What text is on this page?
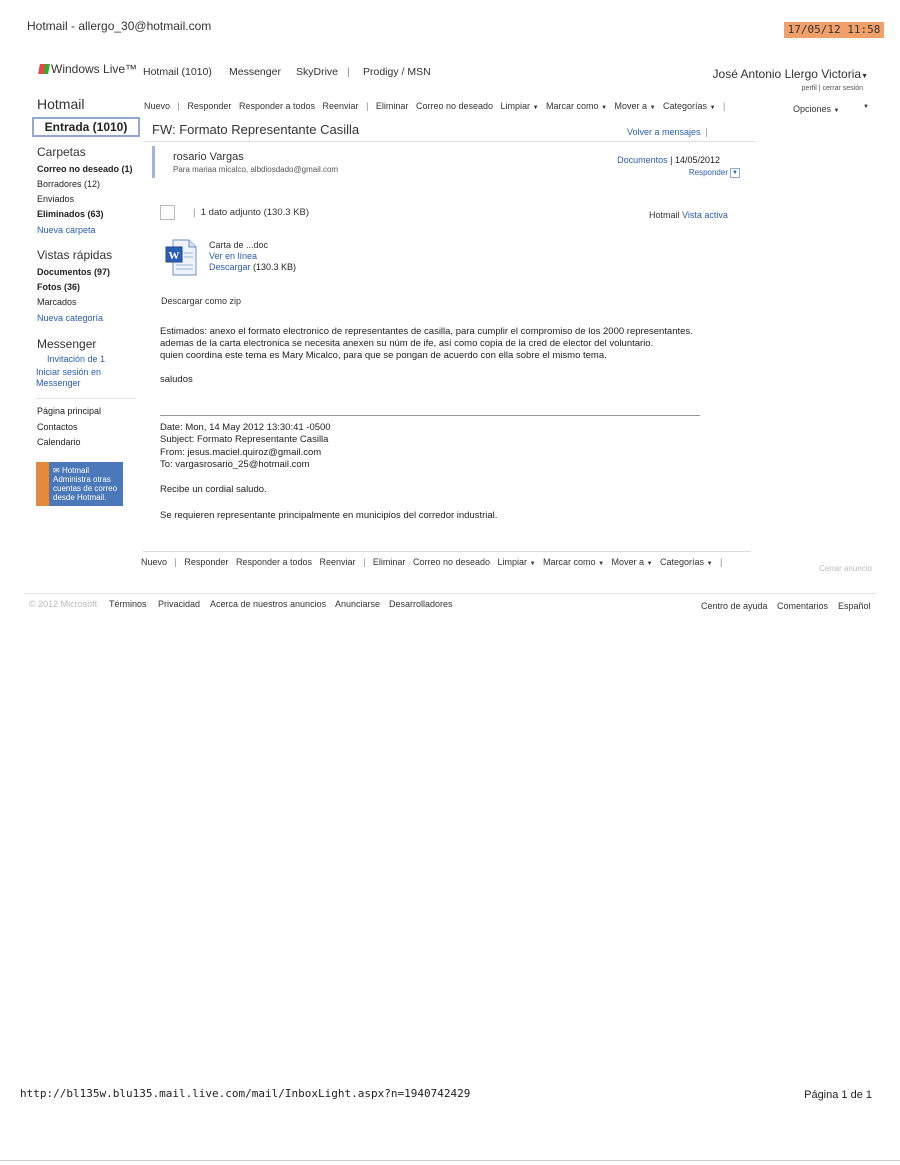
Hotmail - allergo_30@hotmail.com	17/05/12 11:58
Windows Live™ Hotmail (1010) Messenger SkyDrive | Prodigy / MSN	José Antonio Llergo Victoria▼
perfil | cerrar sesión
Hotmail
Entrada (1010)
Carpetas
Correo no deseado (1)
Borradores (12)
Enviados
Eliminados (63)
Nueva carpeta
Vistas rápidas
Documentos (97)
Fotos (36)
Marcados
Nueva categoría
Messenger
Invitación de 1
Iniciar sesión en
Messenger
Página principal
Contactos
Calendario
✉ Hotmail
Administra otras cuentas de correo desde Hotmail.
Nuevo   |   Responder Responder a todos Reenviar   |   Eliminar Correo no deseado Limpiar ▼ Marcar como ▼ Mover a ▼ Categorías ▼   |	Opciones ▼
▼
FW: Formato Representante Casilla	Volver a mensajes  |
rosario Vargas
Para mariaa micalco, albdiosdado@gmail.com
Documentos | 14/05/2012
Responder ▼
|  1 dato adjunto (130.3 KB)	Hotmail Vista activa
W
Carta de ...doc
Ver en línea
Descargar (130.3 KB)
Descargar como zip
Estimados: anexo el formato electronico de representantes de casilla, para cumplir el compromiso de los 2000 representantes.
ademas de la carta electronica se necesita anexen su núm de ife, así como copia de la cred de elector del voluntario.
quien coordina este tema es Mary Micalco, para que se pongan de acuerdo con ella sobre el mismo tema.
saludos
Date: Mon, 14 May 2012 13:30:41 -0500
Subject: Formato Representante Casilla
From: jesus.maciel.quiroz@gmail.com
To: vargasrosario_25@hotmail.com
Recibe un cordial saludo.
Se requieren representante principalmente en municipios del corredor industrial.
Nuevo   |   Responder Responder a todos Reenviar   |   Eliminar Correo no deseado Limpiar ▼ Marcar como ▼ Mover a ▼ Categorías ▼   |
Cerrar anuncio
© 2012 Microsoft Términos Privacidad Acerca de nuestros anuncios Anunciarse Desarrolladores	Centro de ayuda Comentarios Español
http://bl135w.blu135.mail.live.com/mail/InboxLight.aspx?n=1940742429	Página 1 de 1
